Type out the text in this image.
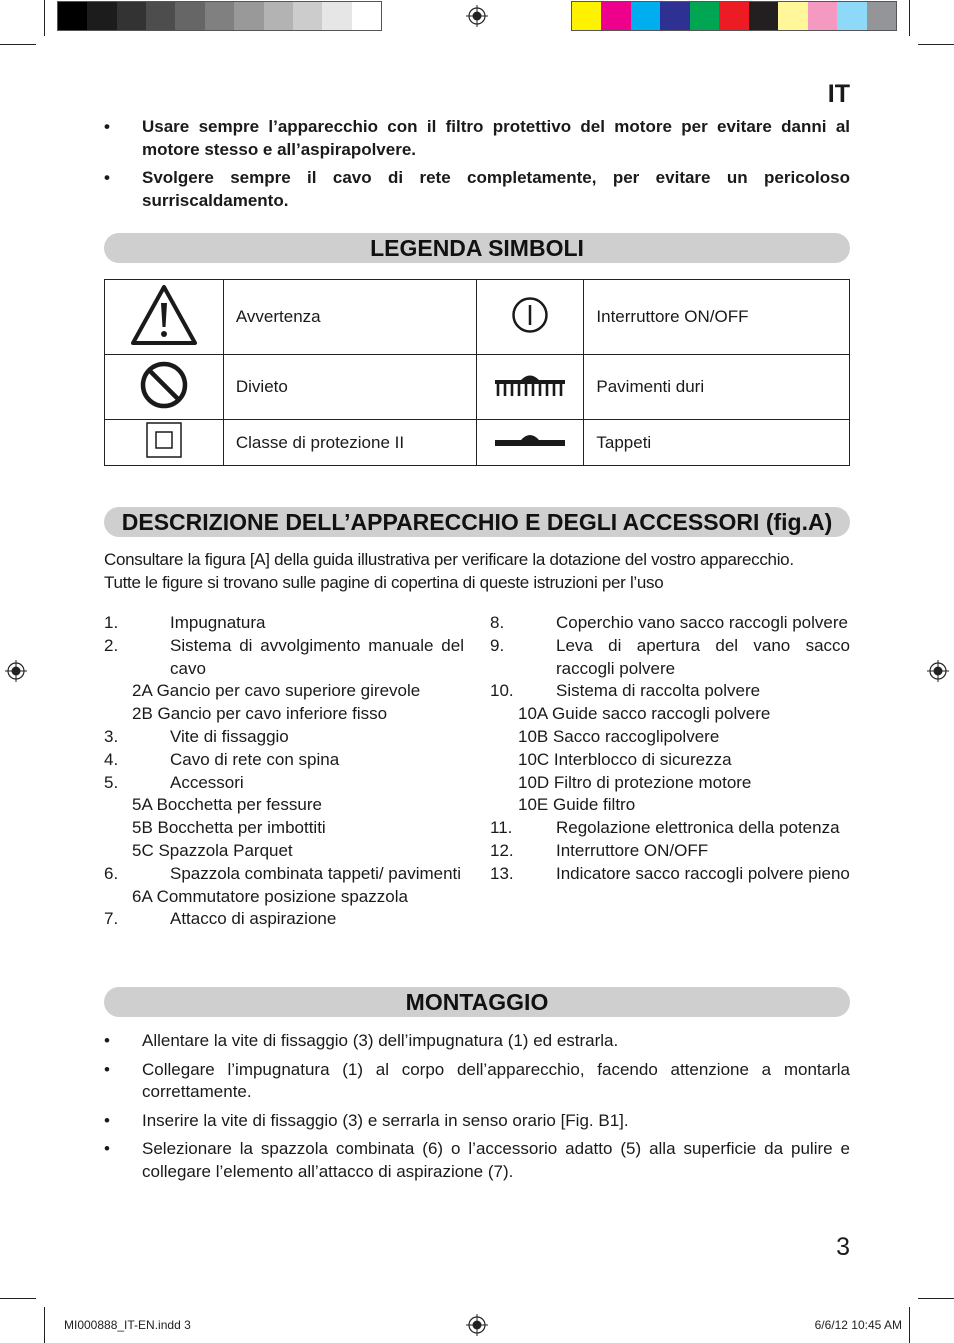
IT
•	Usare sempre l’apparecchio con il filtro protettivo del motore per evitare danni al motore stesso e all’aspirapolvere.
•	Svolgere sempre il cavo di rete completamente, per evitare un pericoloso surriscaldamento.
LEGENDA SIMBOLI
	Avvertenza		Interruttore ON/OFF
	Divieto		Pavimenti duri
	Classe di protezione II		Tappeti
DESCRIZIONE DELL’APPARECCHIO E DEGLI ACCESSORI (fig.A)
Consultare la figura [A] della guida illustrativa per verificare la dotazione del vostro apparecchio.
Tutte le figure si trovano sulle pagine di copertina di queste istruzioni per l’uso
1.	Impugnatura
2.	Sistema di avvolgimento manuale del cavo
2A Gancio per cavo superiore girevole
2B Gancio per cavo inferiore fisso
3.	Vite di fissaggio
4.	Cavo di rete con spina
5.	Accessori
5A Bocchetta per fessure
5B Bocchetta per imbottiti
5C Spazzola Parquet
6.	Spazzola combinata tappeti/ pavimenti
6A Commutatore posizione spazzola
7.	Attacco di aspirazione
8.	Coperchio vano sacco raccogli polvere
9.	Leva di apertura del vano sacco raccogli polvere
10.	Sistema di raccolta polvere
10A Guide sacco raccogli polvere
10B Sacco raccoglipolvere
10C Interblocco di sicurezza
10D Filtro di protezione motore
10E Guide filtro
11.	Regolazione elettronica della potenza
12.	Interruttore ON/OFF
13.	Indicatore sacco raccogli polvere pieno
MONTAGGIO
•	Allentare la vite di fissaggio (3) dell’impugnatura (1) ed estrarla.
•	Collegare l’impugnatura (1) al corpo dell’apparecchio, facendo attenzione a montarla correttamente.
•	Inserire la vite di fissaggio (3) e serrarla in senso orario [Fig. B1].
•	Selezionare la spazzola combinata (6) o l’accessorio adatto (5) alla superficie da pulire e collegare l’elemento all’attacco di aspirazione (7).
3
MI000888_IT-EN.indd 3	6/6/12 10:45 AM
